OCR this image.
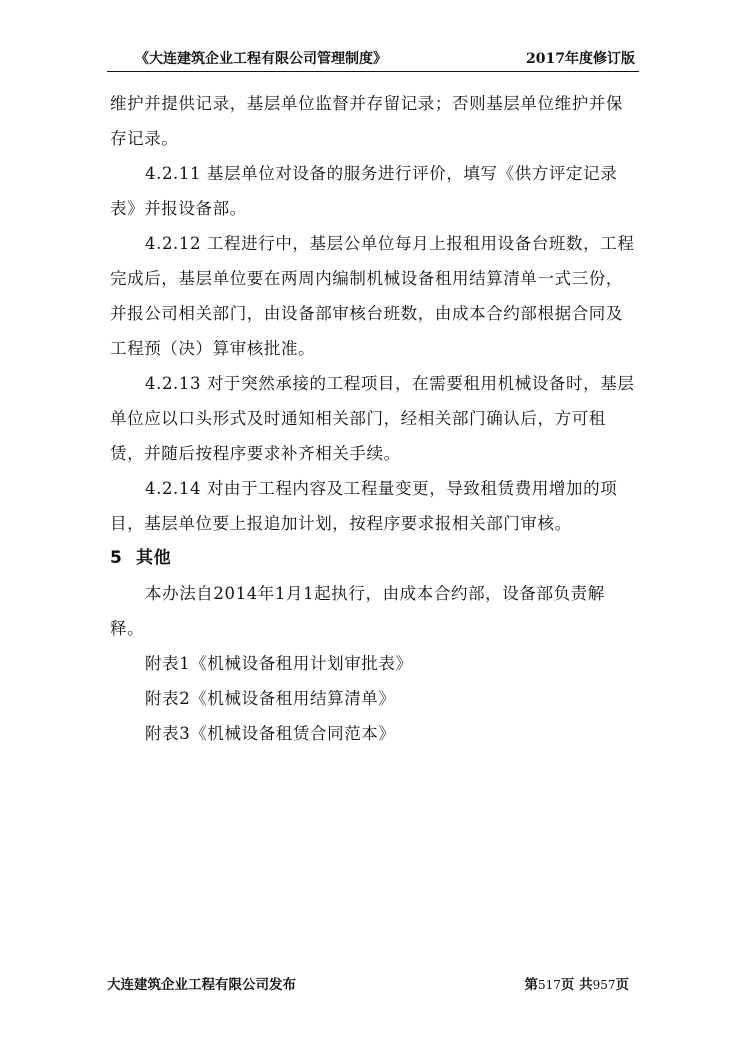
《大连建筑企业工程有限公司管理制度》	2017年度修订版

维护并提供记录，基层单位监督并存留记录；否则基层单位维护并保存记录。

4.2.11 基层单位对设备的服务进行评价，填写《供方评定记录表》并报设备部。

4.2.12 工程进行中，基层公单位每月上报租用设备台班数，工程完成后，基层单位要在两周内编制机械设备租用结算清单一式三份，并报公司相关部门，由设备部审核台班数，由成本合约部根据合同及工程预（决）算审核批准。

4.2.13 对于突然承接的工程项目，在需要租用机械设备时，基层单位应以口头形式及时通知相关部门，经相关部门确认后，方可租赁，并随后按程序要求补齐相关手续。

4.2.14 对由于工程内容及工程量变更，导致租赁费用增加的项目，基层单位要上报追加计划，按程序要求报相关部门审核。

5 其他

本办法自2014年1月1起执行，由成本合约部，设备部负责解释。

附表1《机械设备租用计划审批表》

附表2《机械设备租用结算清单》

附表3《机械设备租赁合同范本》

大连建筑企业工程有限公司发布	第517页 共957页
